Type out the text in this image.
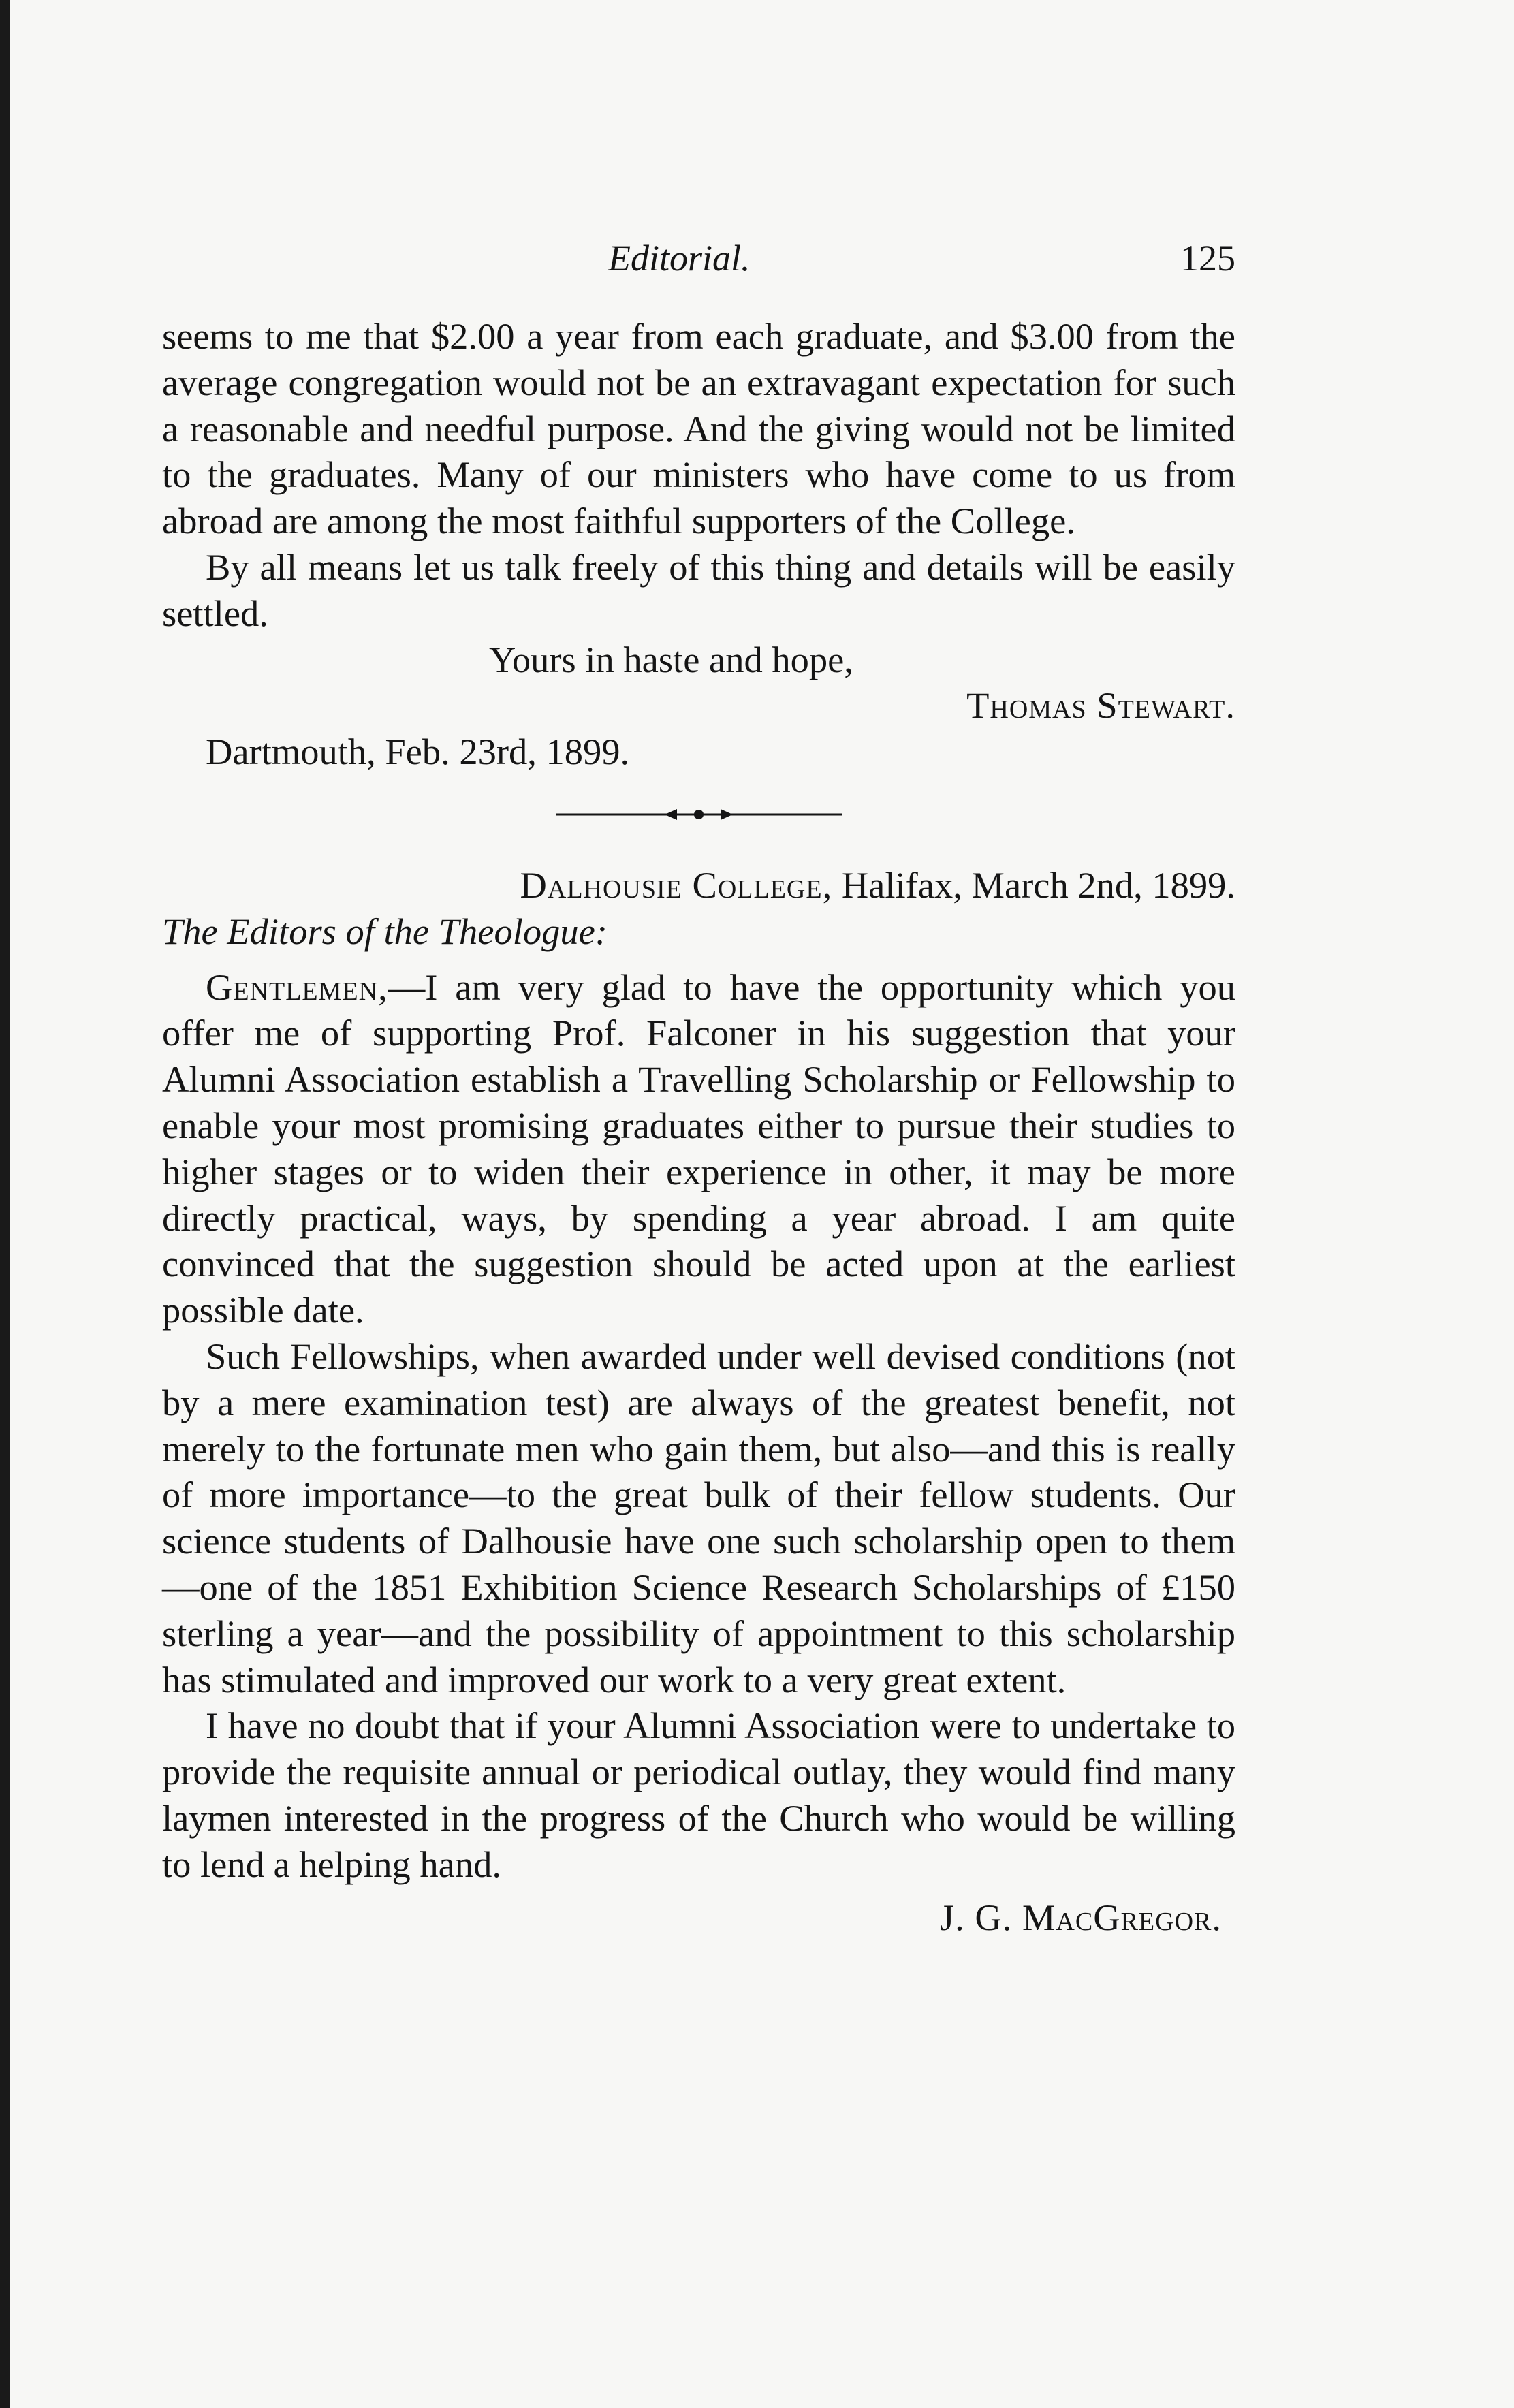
Editorial.	125

seems to me that $2.00 a year from each graduate, and $3.00 from the average congregation would not be an extravagant expectation for such a reasonable and needful purpose. And the giving would not be limited to the graduates. Many of our ministers who have come to us from abroad are among the most faithful supporters of the College.

By all means let us talk freely of this thing and details will be easily settled.

Yours in haste and hope,

Thomas Stewart.

Dartmouth, Feb. 23rd, 1899.

Dalhousie College, Halifax, March 2nd, 1899.

The Editors of the Theologue:

Gentlemen,—I am very glad to have the opportunity which you offer me of supporting Prof. Falconer in his suggestion that your Alumni Association establish a Travelling Scholarship or Fellowship to enable your most promising graduates either to pursue their studies to higher stages or to widen their experience in other, it may be more directly practical, ways, by spending a year abroad. I am quite convinced that the suggestion should be acted upon at the earliest possible date.

Such Fellowships, when awarded under well devised conditions (not by a mere examination test) are always of the greatest benefit, not merely to the fortunate men who gain them, but also—and this is really of more importance—to the great bulk of their fellow students. Our science students of Dalhousie have one such scholarship open to them—one of the 1851 Exhibition Science Research Scholarships of £150 sterling a year—and the possibility of appointment to this scholarship has stimulated and improved our work to a very great extent.

I have no doubt that if your Alumni Association were to undertake to provide the requisite annual or periodical outlay, they would find many laymen interested in the progress of the Church who would be willing to lend a helping hand.

J. G. MacGregor.
